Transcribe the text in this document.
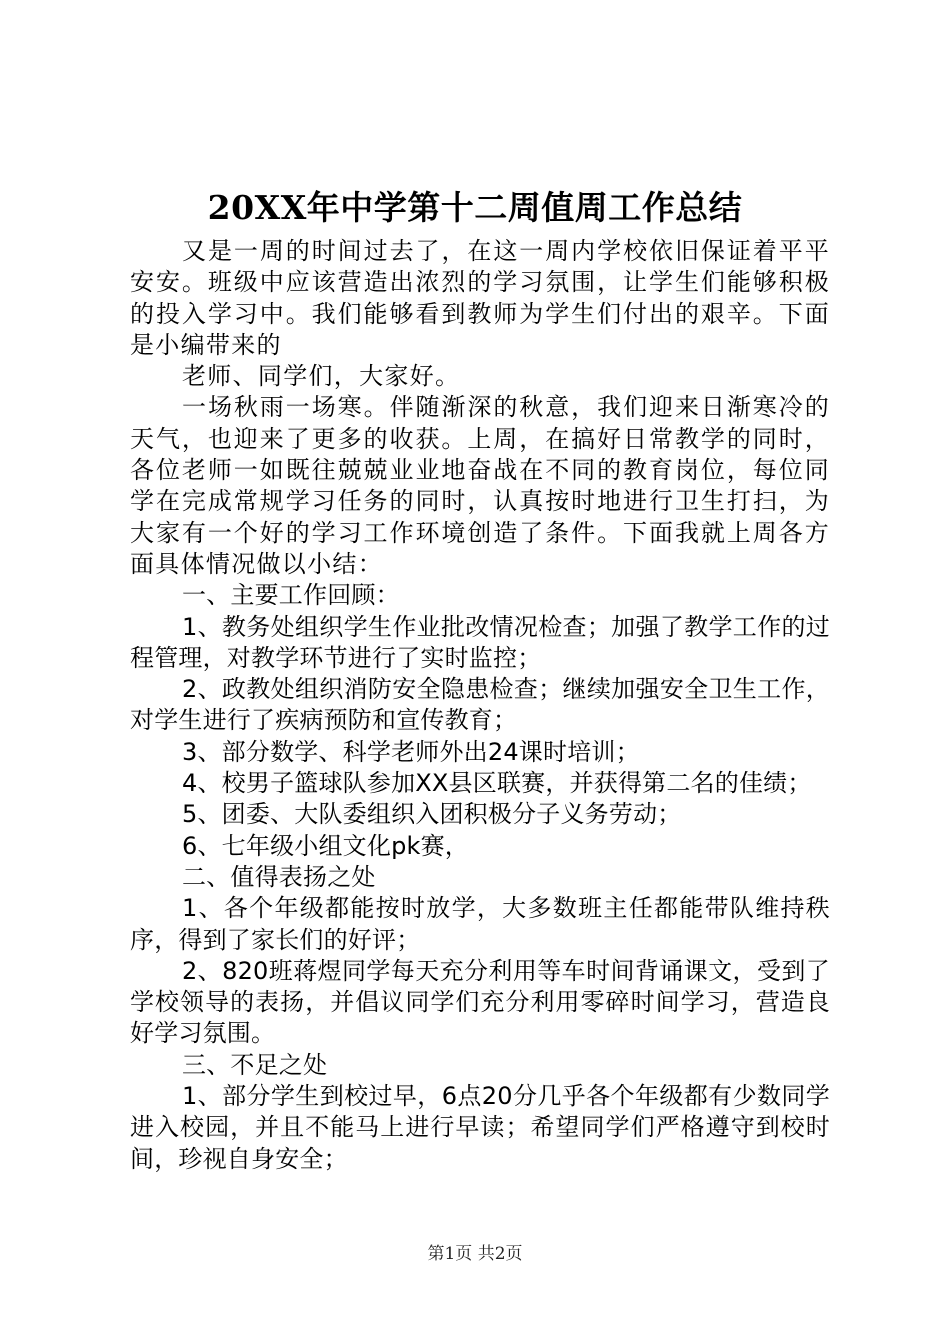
20XX年中学第十二周值周工作总结

又是一周的时间过去了，在这一周内学校依旧保证着平平安安。班级中应该营造出浓烈的学习氛围，让学生们能够积极的投入学习中。我们能够看到教师为学生们付出的艰辛。下面是小编带来的

老师、同学们，大家好。

一场秋雨一场寒。伴随渐深的秋意，我们迎来日渐寒冷的天气，也迎来了更多的收获。上周，在搞好日常教学的同时，各位老师一如既往兢兢业业地奋战在不同的教育岗位，每位同学在完成常规学习任务的同时，认真按时地进行卫生打扫，为大家有一个好的学习工作环境创造了条件。下面我就上周各方面具体情况做以小结：

一、主要工作回顾：

1、教务处组织学生作业批改情况检查；加强了教学工作的过程管理，对教学环节进行了实时监控；

2、政教处组织消防安全隐患检查；继续加强安全卫生工作，对学生进行了疾病预防和宣传教育；

3、部分数学、科学老师外出24课时培训；

4、校男子篮球队参加XX县区联赛，并获得第二名的佳绩；

5、团委、大队委组织入团积极分子义务劳动；

6、七年级小组文化pk赛，

二、值得表扬之处

1、各个年级都能按时放学，大多数班主任都能带队维持秩序，得到了家长们的好评；

2、820班蒋煜同学每天充分利用等车时间背诵课文，受到了学校领导的表扬，并倡议同学们充分利用零碎时间学习，营造良好学习氛围。

三、不足之处

1、部分学生到校过早，6点20分几乎各个年级都有少数同学进入校园，并且不能马上进行早读；希望同学们严格遵守到校时间，珍视自身安全；

第1页 共2页
